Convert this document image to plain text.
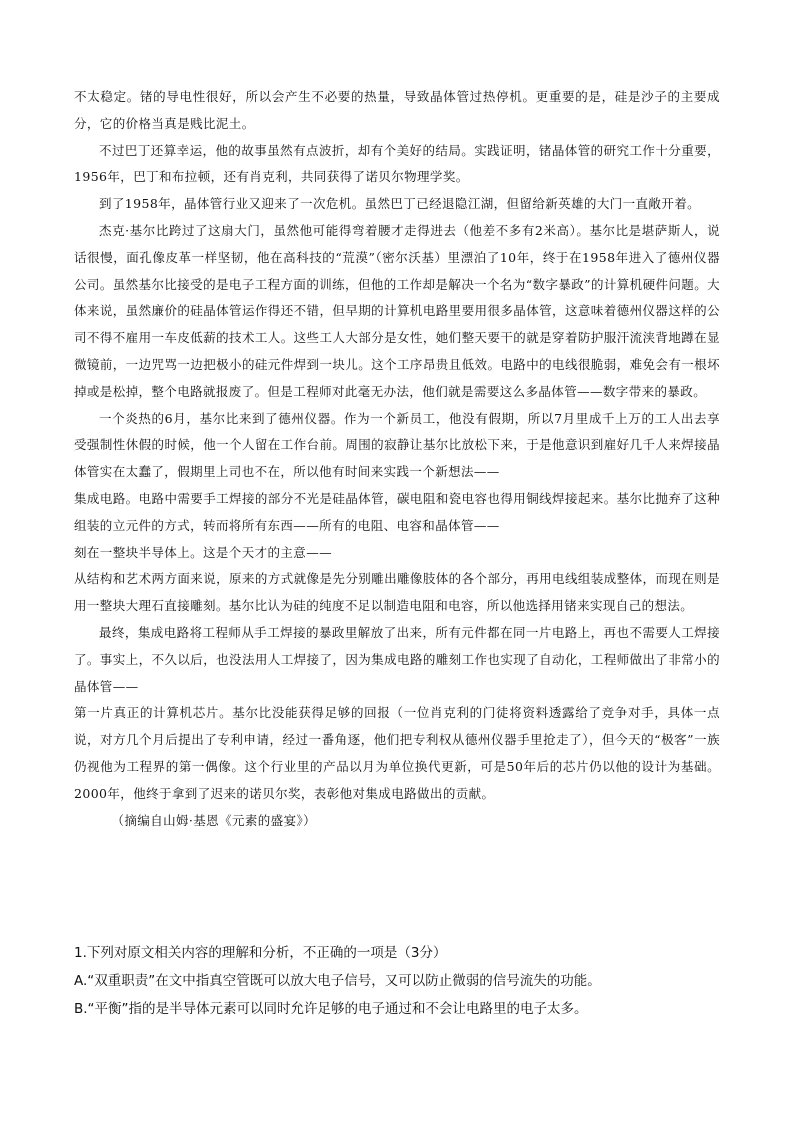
不太稳定。锗的导电性很好，所以会产生不必要的热量，导致晶体管过热停机。更重要的是，硅是沙子的主要成分，它的价格当真是贱比泥土。

不过巴丁还算幸运，他的故事虽然有点波折，却有个美好的结局。实践证明，锗晶体管的研究工作十分重要，1956年，巴丁和布拉顿，还有肖克利，共同获得了诺贝尔物理学奖。

到了1958年，晶体管行业又迎来了一次危机。虽然巴丁已经退隐江湖，但留给新英雄的大门一直敞开着。

杰克·基尔比跨过了这扇大门，虽然他可能得弯着腰才走得进去（他差不多有2米高）。基尔比是堪萨斯人，说话很慢，面孔像皮革一样坚韧，他在高科技的“荒漠”（密尔沃基）里漂泊了10年，终于在1958年进入了德州仪器公司。虽然基尔比接受的是电子工程方面的训练，但他的工作却是解决一个名为“数字暴政”的计算机硬件问题。大体来说，虽然廉价的硅晶体管运作得还不错，但早期的计算机电路里要用很多晶体管，这意味着德州仪器这样的公司不得不雇用一车皮低薪的技术工人。这些工人大部分是女性，她们整天要干的就是穿着防护服汗流浃背地蹲在显微镜前，一边咒骂一边把极小的硅元件焊到一块儿。这个工序昂贵且低效。电路中的电线很脆弱，难免会有一根坏掉或是松掉，整个电路就报废了。但是工程师对此毫无办法，他们就是需要这么多晶体管——数字带来的暴政。

一个炎热的6月，基尔比来到了德州仪器。作为一个新员工，他没有假期，所以7月里成千上万的工人出去享受强制性休假的时候，他一个人留在工作台前。周围的寂静让基尔比放松下来，于是他意识到雇好几千人来焊接晶体管实在太蠢了，假期里上司也不在，所以他有时间来实践一个新想法——

集成电路。电路中需要手工焊接的部分不光是硅晶体管，碳电阻和瓷电容也得用铜线焊接起来。基尔比抛弃了这种组装的立元件的方式，转而将所有东西——所有的电阻、电容和晶体管——

刻在一整块半导体上。这是个天才的主意——

从结构和艺术两方面来说，原来的方式就像是先分别雕出雕像肢体的各个部分，再用电线组装成整体，而现在则是用一整块大理石直接雕刻。基尔比认为硅的纯度不足以制造电阻和电容，所以他选择用锗来实现自己的想法。

最终，集成电路将工程师从手工焊接的暴政里解放了出来，所有元件都在同一片电路上，再也不需要人工焊接了。事实上，不久以后，也没法用人工焊接了，因为集成电路的雕刻工作也实现了自动化，工程师做出了非常小的晶体管——

第一片真正的计算机芯片。基尔比没能获得足够的回报（一位肖克利的门徒将资料透露给了竞争对手，具体一点说，对方几个月后提出了专利申请，经过一番角逐，他们把专利权从德州仪器手里抢走了），但今天的“极客”一族仍视他为工程界的第一偶像。这个行业里的产品以月为单位换代更新，可是50年后的芯片仍以他的设计为基础。2000年，他终于拿到了迟来的诺贝尔奖，表彰他对集成电路做出的贡献。

（摘编自山姆·基恩《元素的盛宴》）

1.下列对原文相关内容的理解和分析，不正确的一项是（3分）

A.“双重职责”在文中指真空管既可以放大电子信号，又可以防止微弱的信号流失的功能。

B.“平衡”指的是半导体元素可以同时允许足够的电子通过和不会让电路里的电子太多。
